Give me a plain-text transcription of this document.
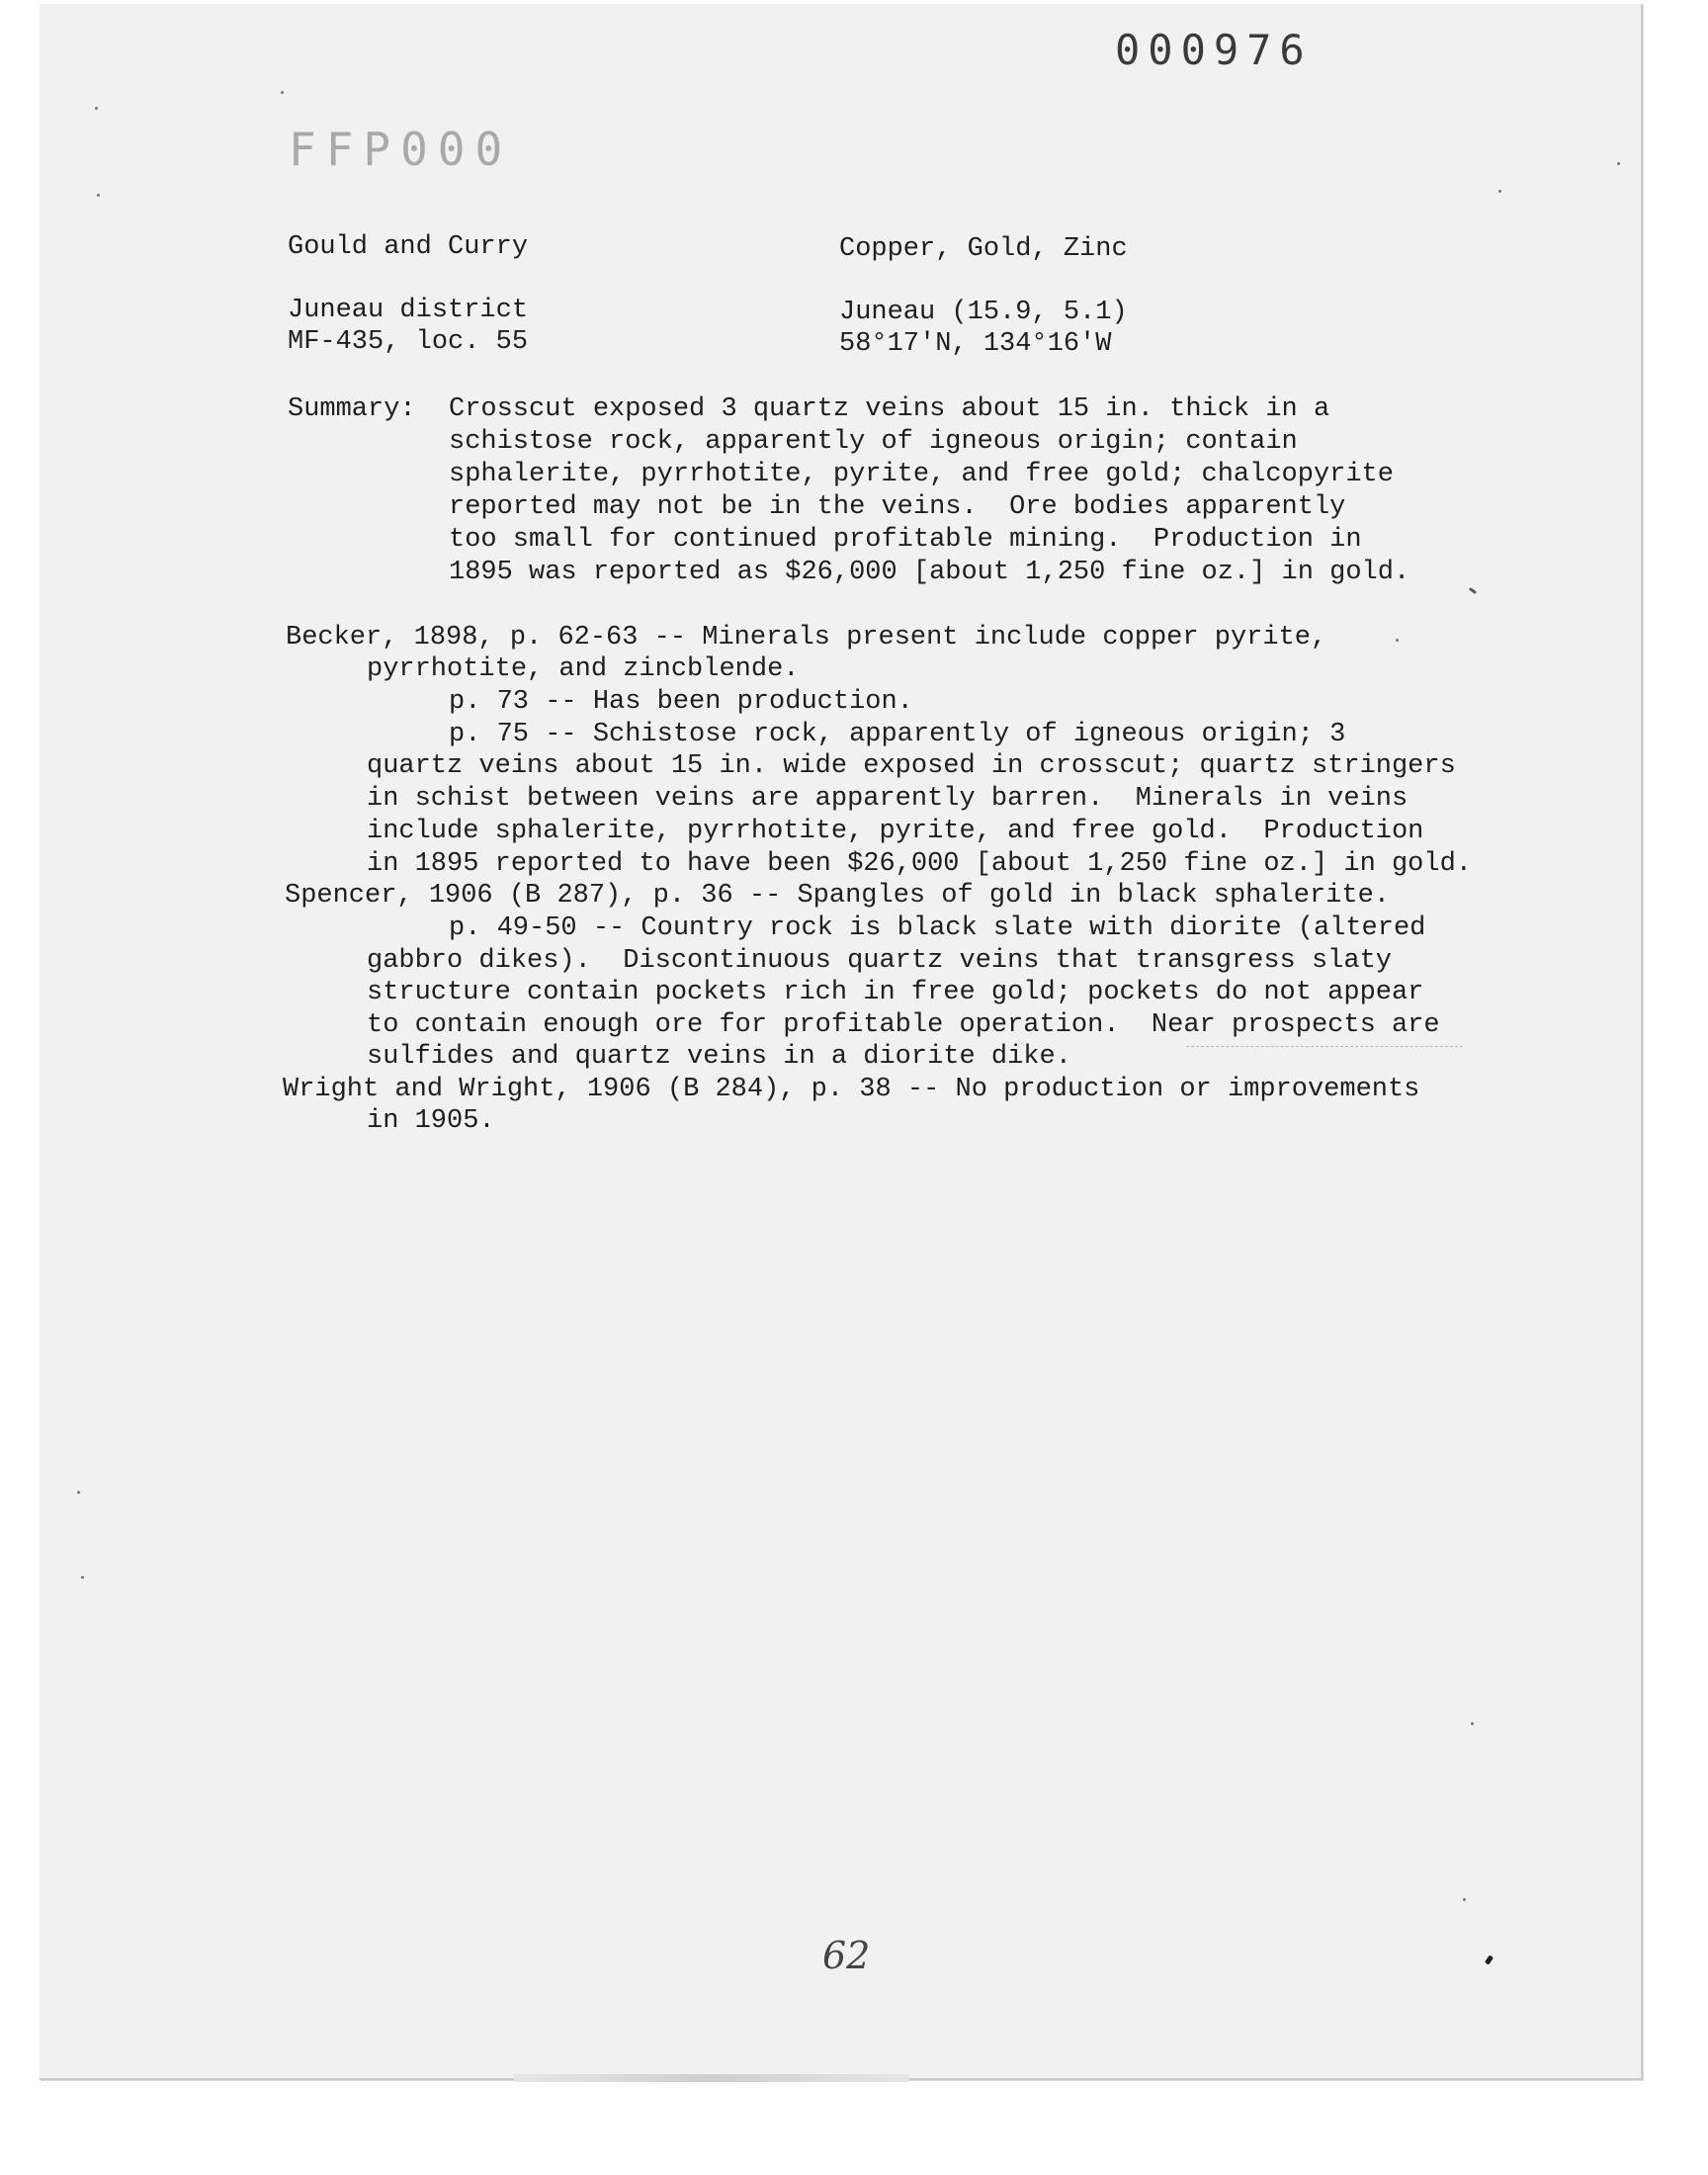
000976
FFP000
Gould and Curry	Copper, Gold, Zinc
Juneau district	Juneau (15.9, 5.1)
MF-435, loc. 55	58°17'N, 134°16'W
Summary: Crosscut exposed 3 quartz veins about 15 in. thick in a
schistose rock, apparently of igneous origin; contain
sphalerite, pyrrhotite, pyrite, and free gold; chalcopyrite
reported may not be in the veins.  Ore bodies apparently
too small for continued profitable mining.  Production in
1895 was reported as $26,000 [about 1,250 fine oz.] in gold.
Becker, 1898, p. 62-63 -- Minerals present include copper pyrite,
pyrrhotite, and zincblende.
p. 73 -- Has been production.
p. 75 -- Schistose rock, apparently of igneous origin; 3
quartz veins about 15 in. wide exposed in crosscut; quartz stringers
in schist between veins are apparently barren.  Minerals in veins
include sphalerite, pyrrhotite, pyrite, and free gold.  Production
in 1895 reported to have been $26,000 [about 1,250 fine oz.] in gold.
Spencer, 1906 (B 287), p. 36 -- Spangles of gold in black sphalerite.
p. 49-50 -- Country rock is black slate with diorite (altered
gabbro dikes).  Discontinuous quartz veins that transgress slaty
structure contain pockets rich in free gold; pockets do not appear
to contain enough ore for profitable operation.  Near prospects are
sulfides and quartz veins in a diorite dike.
Wright and Wright, 1906 (B 284), p. 38 -- No production or improvements
in 1905.
62
